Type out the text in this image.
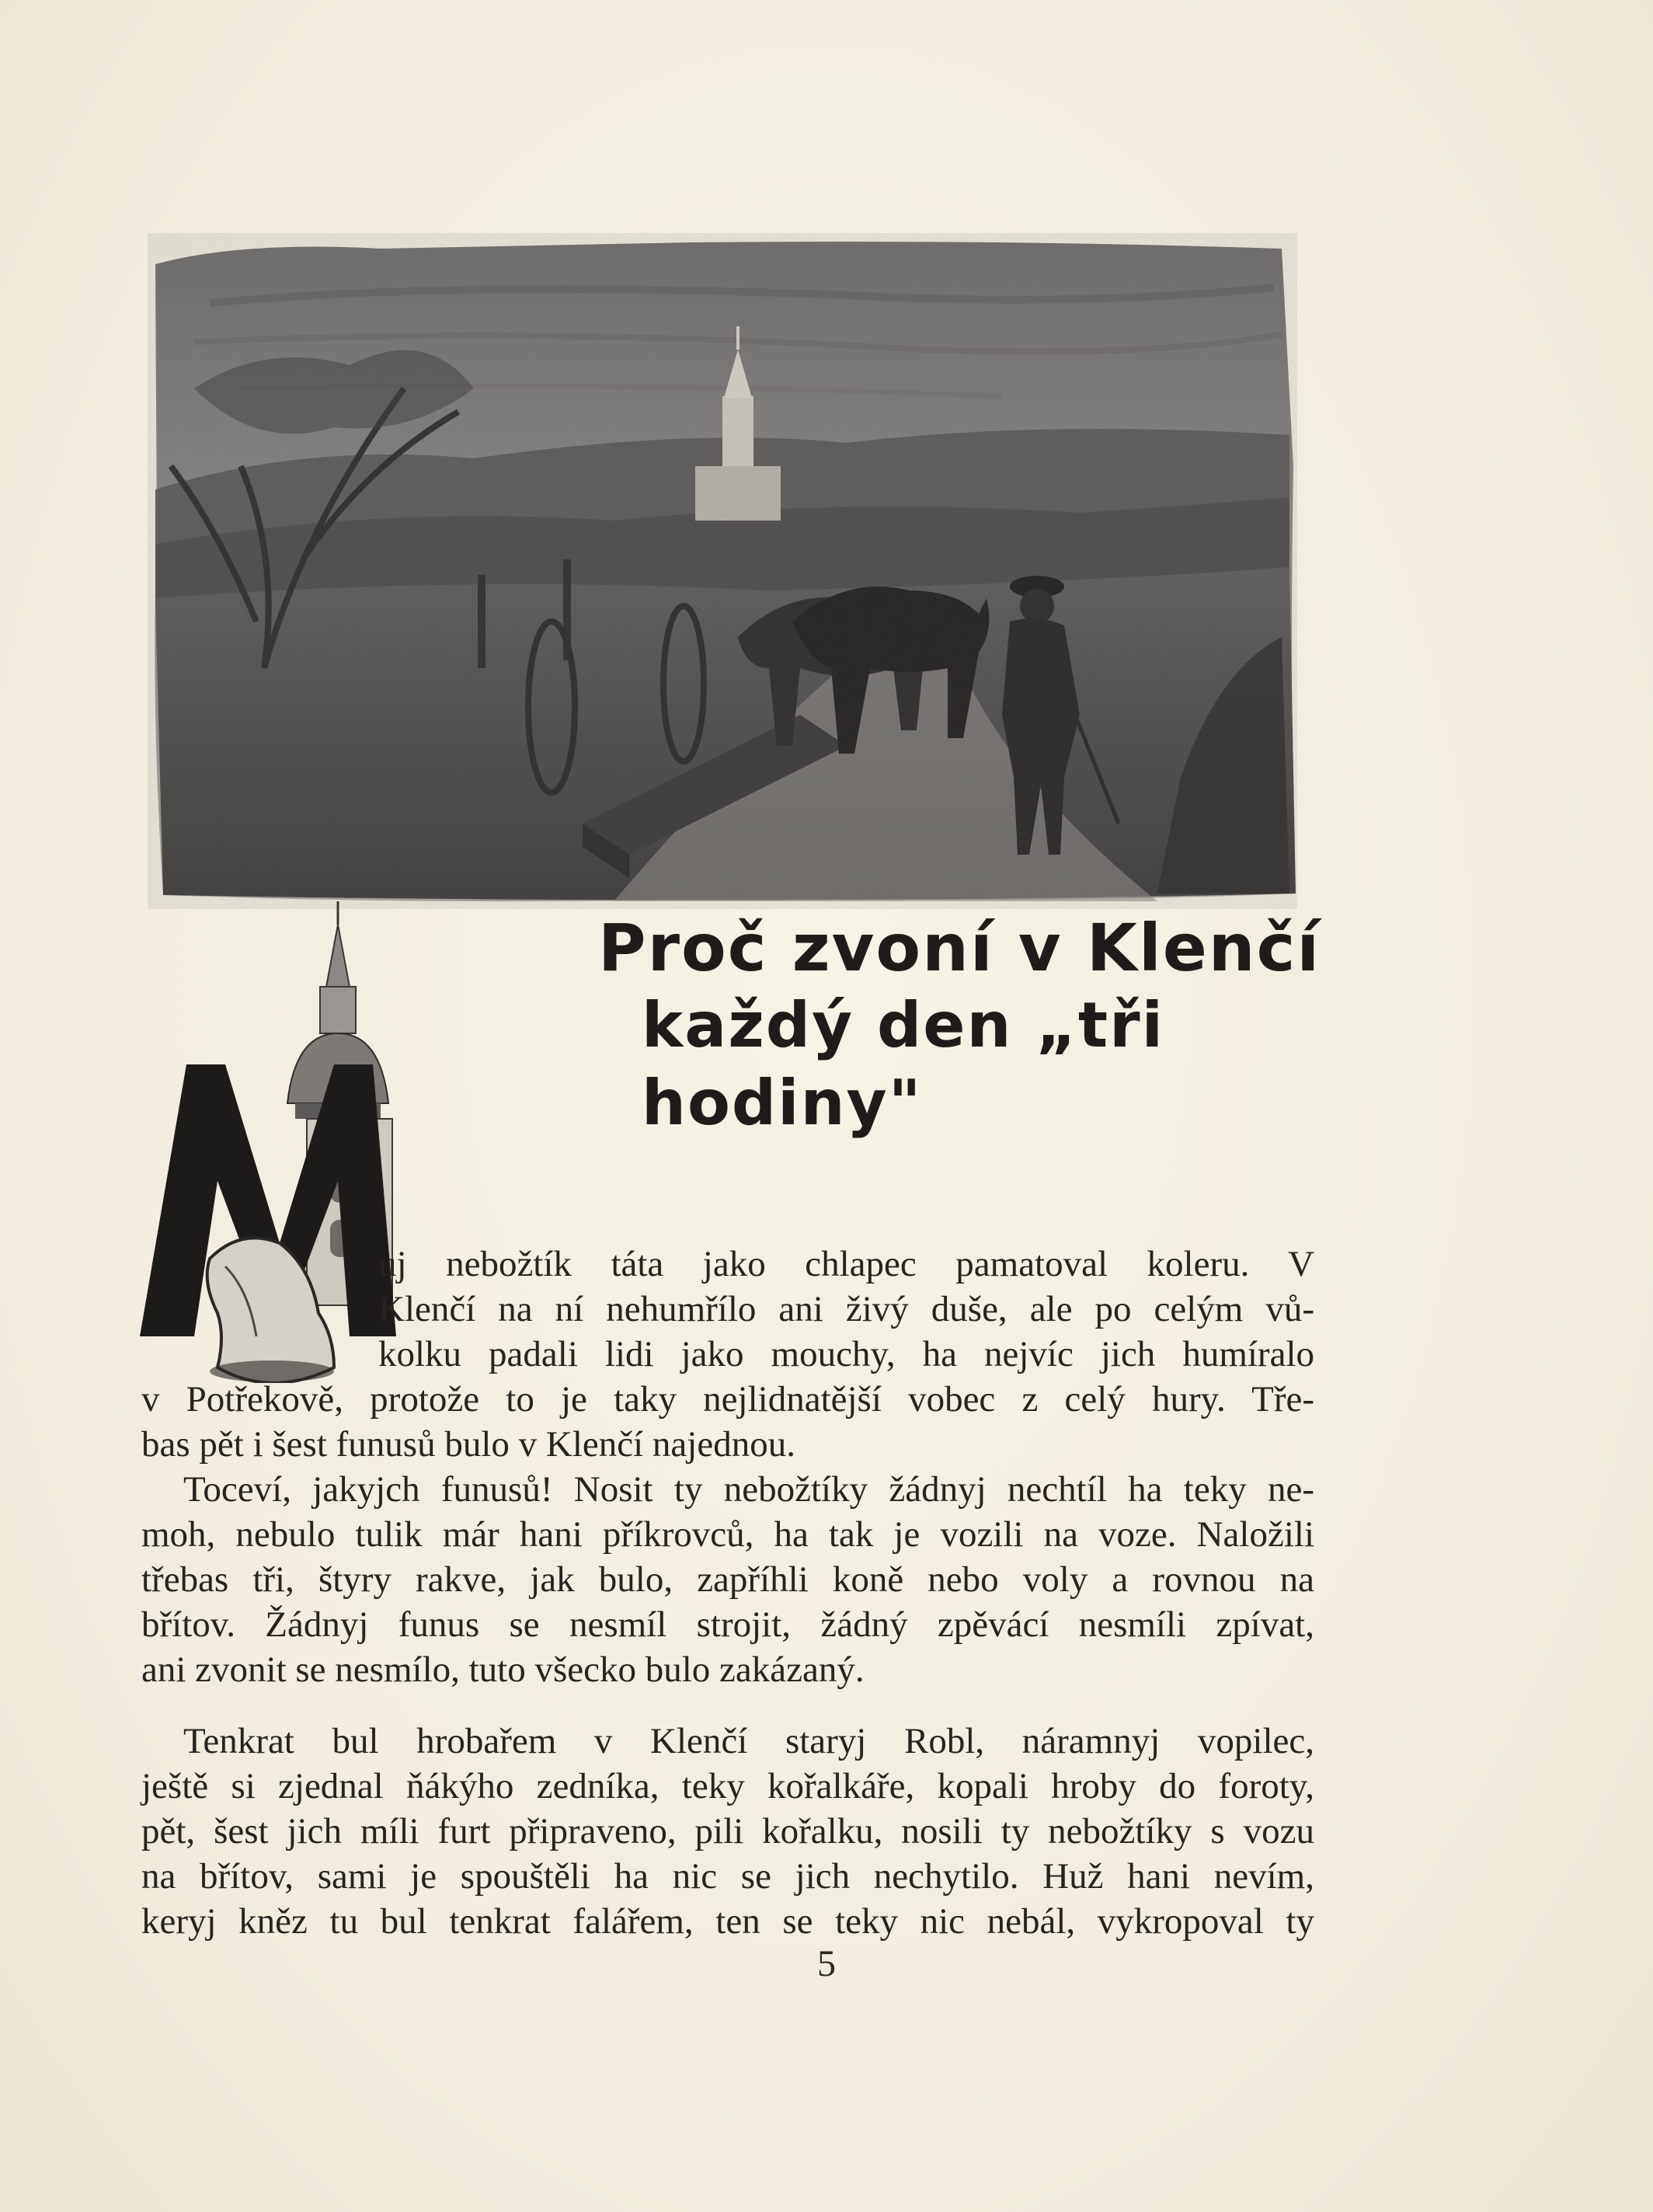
Proč zvoní v Klenčí
každý den „tři hodiny"
uj nebožtík táta jako chlapec pamatoval koleru. V
Klenčí na ní nehumřílo ani živý duše, ale po celým vů-
kolku padali lidi jako mouchy, ha nejvíc jich humíralo
v Potřekově, protože to je taky nejlidnatější vobec z celý hury. Tře-
bas pět i šest funusů bulo v Klenčí najednou.
Toceví, jakyjch funusů! Nosit ty nebožtíky žádnyj nechtíl ha teky ne-
moh, nebulo tulik már hani příkrovců, ha tak je vozili na voze. Naložili
třebas tři, štyry rakve, jak bulo, zapříhli koně nebo voly a rovnou na
břítov. Žádnyj funus se nesmíl strojit, žádný zpěvácí nesmíli zpívat,
ani zvonit se nesmílo, tuto všecko bulo zakázaný.
Tenkrat bul hrobařem v Klenčí staryj Robl, náramnyj vopilec,
ještě si zjednal ňákýho zedníka, teky kořalkáře, kopali hroby do foroty,
pět, šest jich míli furt připraveno, pili kořalku, nosili ty nebožtíky s vozu
na břítov, sami je spouštěli ha nic se jich nechytilo. Huž hani nevím,
keryj kněz tu bul tenkrat falářem, ten se teky nic nebál, vykropoval ty
5
